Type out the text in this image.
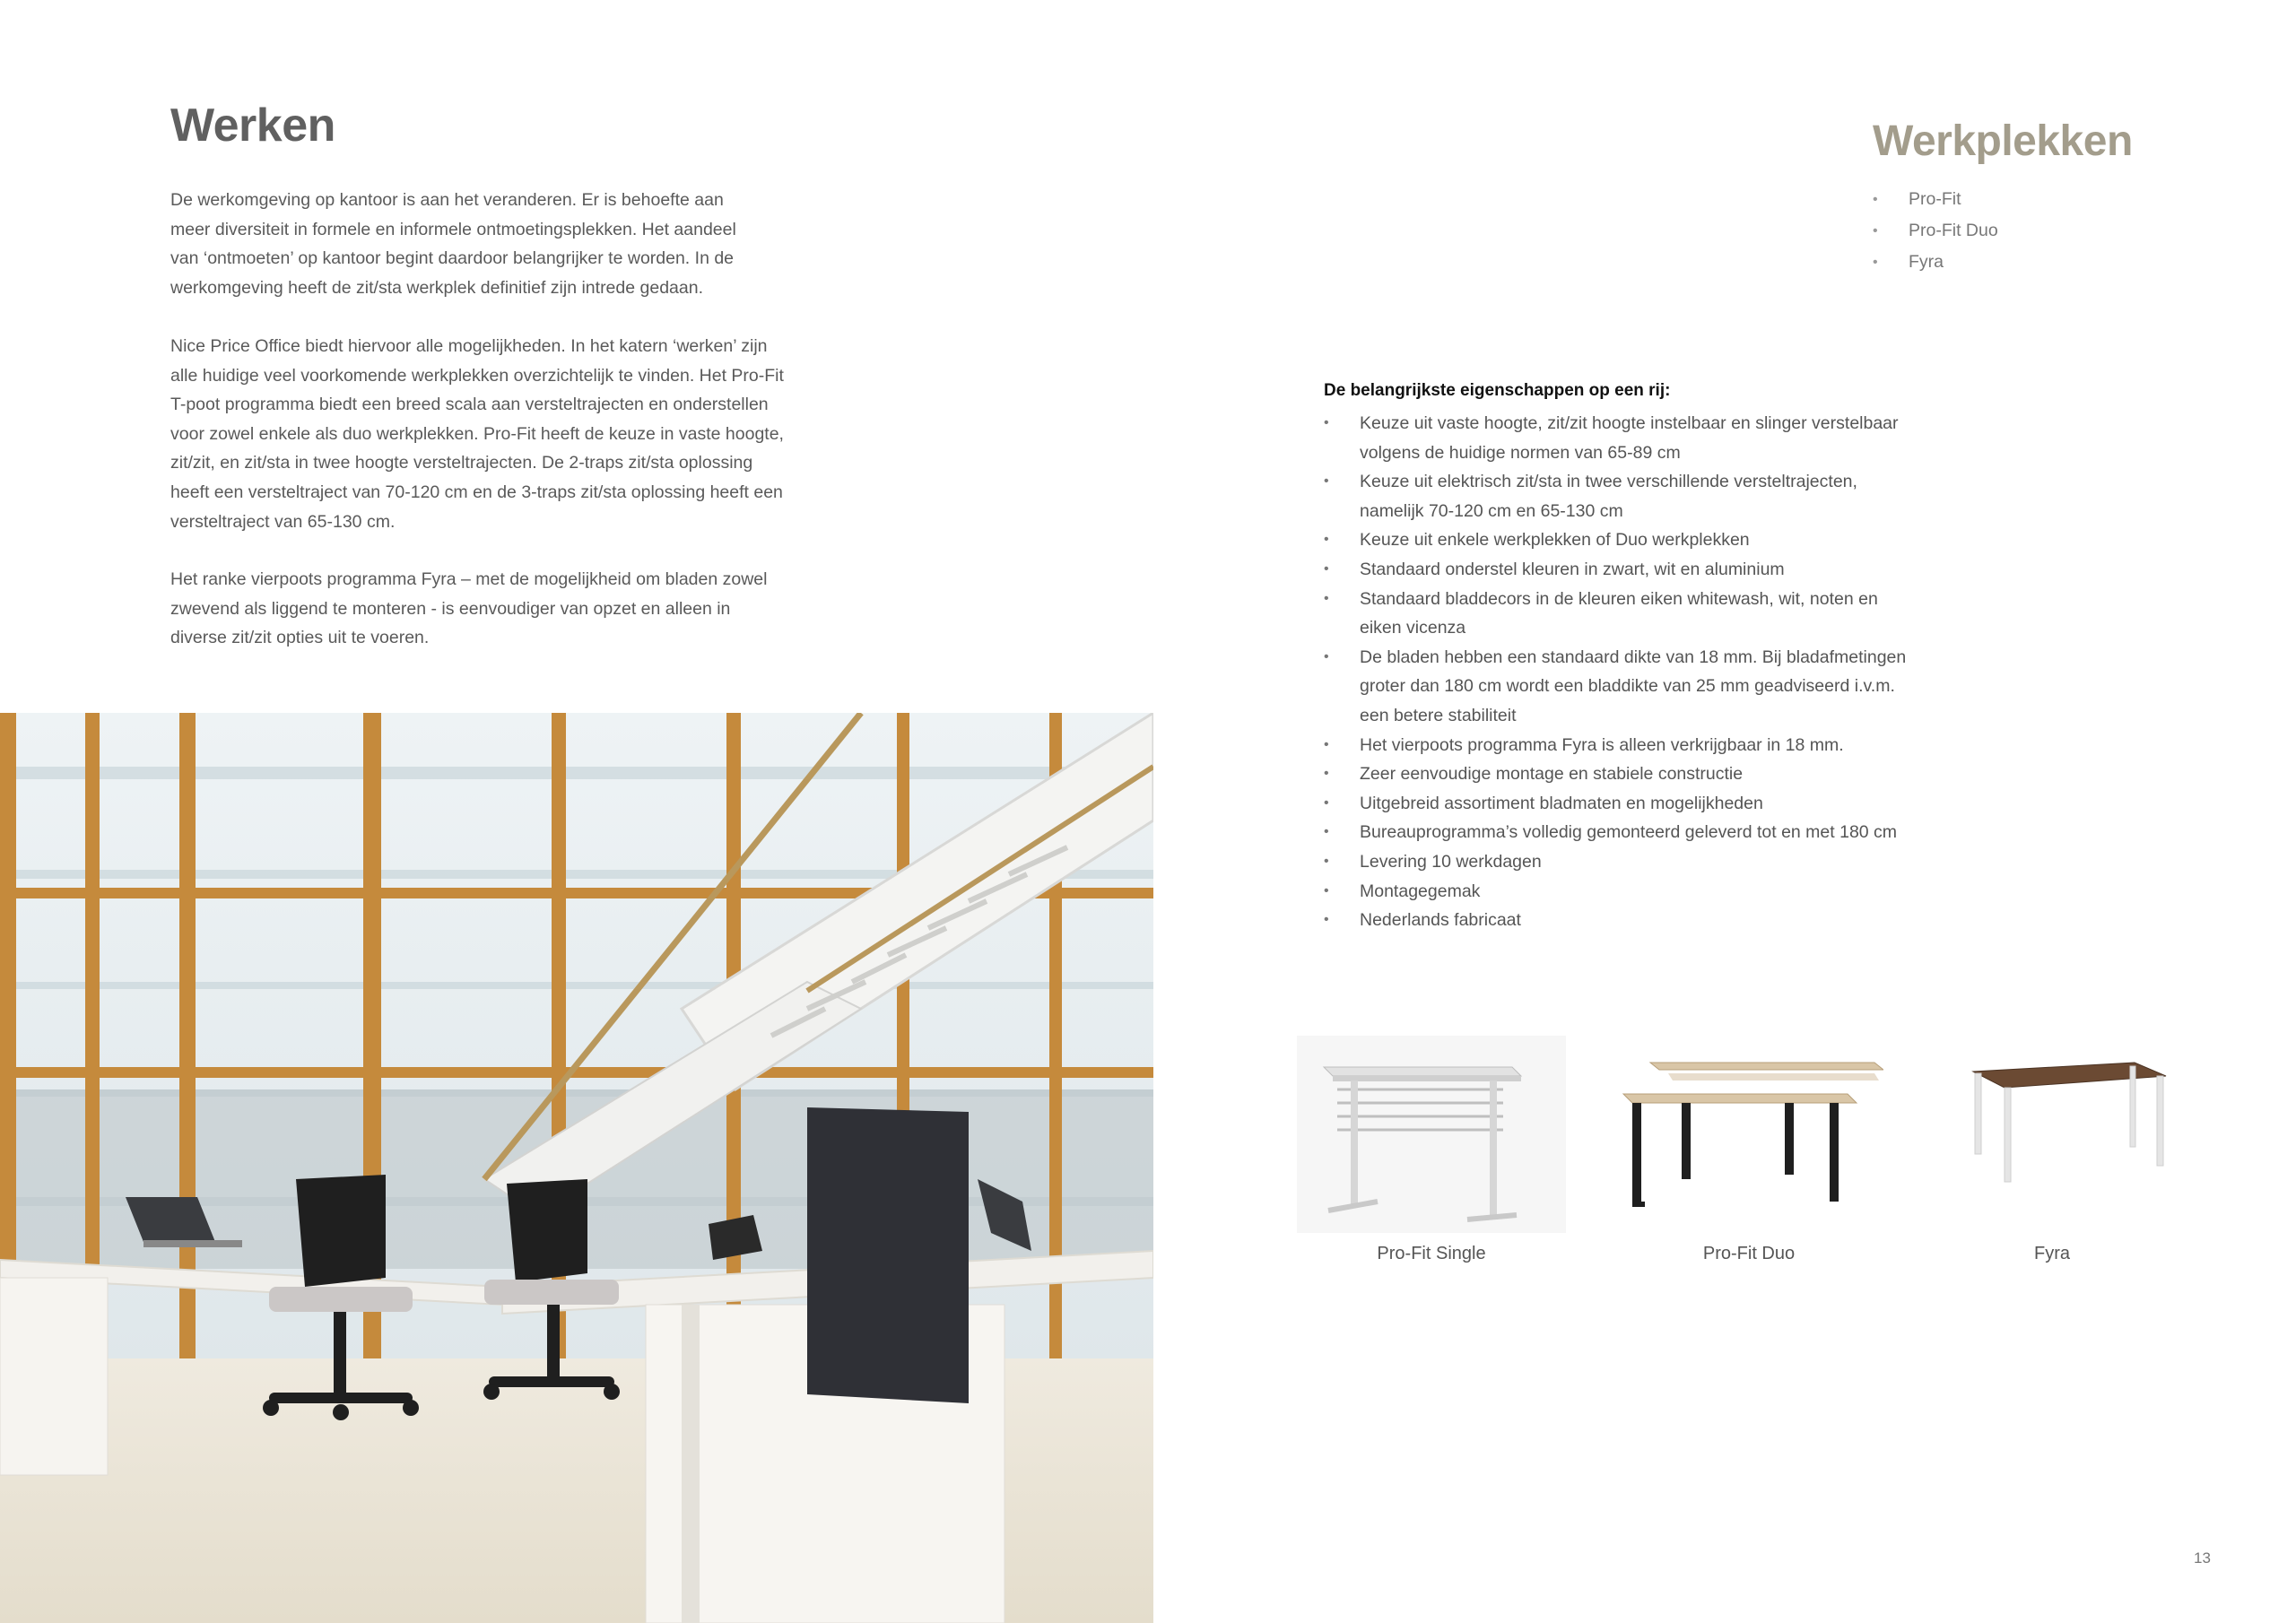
Werken
De werkomgeving op kantoor is aan het veranderen. Er is behoefte aan
meer diversiteit in formele en informele ontmoetingsplekken. Het aandeel
van ‘ontmoeten’ op kantoor begint daardoor belangrijker te worden. In de
werkomgeving heeft de zit/sta werkplek definitief zijn intrede gedaan.
Nice Price Office biedt hiervoor alle mogelijkheden. In het katern ‘werken’ zijn
alle huidige veel voorkomende werkplekken overzichtelijk te vinden. Het Pro-Fit
T-poot programma biedt een breed scala aan versteltrajecten en onderstellen
voor zowel enkele als duo werkplekken. Pro-Fit heeft de keuze in vaste hoogte,
zit/zit, en zit/sta in twee hoogte versteltrajecten. De 2-traps zit/sta oplossing
heeft een versteltraject van 70-120 cm en de 3-traps zit/sta oplossing heeft een
versteltraject van 65-130 cm.
Het ranke vierpoots programma Fyra – met de mogelijkheid om bladen zowel
zwevend als liggend te monteren - is eenvoudiger van opzet en alleen in
diverse zit/zit opties uit te voeren.
Werkplekken
• Pro-Fit
• Pro-Fit Duo
• Fyra
De belangrijkste eigenschappen op een rij:
• Keuze uit vaste hoogte, zit/zit hoogte instelbaar en slinger verstelbaar
volgens de huidige normen van 65-89 cm
• Keuze uit elektrisch zit/sta in twee verschillende versteltrajecten,
namelijk 70-120 cm en 65-130 cm
• Keuze uit enkele werkplekken of Duo werkplekken
• Standaard onderstel kleuren in zwart, wit en aluminium
• Standaard bladdecors in de kleuren eiken whitewash, wit, noten en
eiken vicenza
• De bladen hebben een standaard dikte van 18 mm. Bij bladafmetingen
groter dan 180 cm wordt een bladdikte van 25 mm geadviseerd i.v.m.
een betere stabiliteit
• Het vierpoots programma Fyra is alleen verkrijgbaar in 18 mm.
• Zeer eenvoudige montage en stabiele constructie
• Uitgebreid assortiment bladmaten en mogelijkheden
• Bureauprogramma’s volledig gemonteerd geleverd tot en met 180 cm
• Levering 10 werkdagen
• Montagegemak
• Nederlands fabricaat
Pro-Fit Single	Pro-Fit Duo	Fyra
13
